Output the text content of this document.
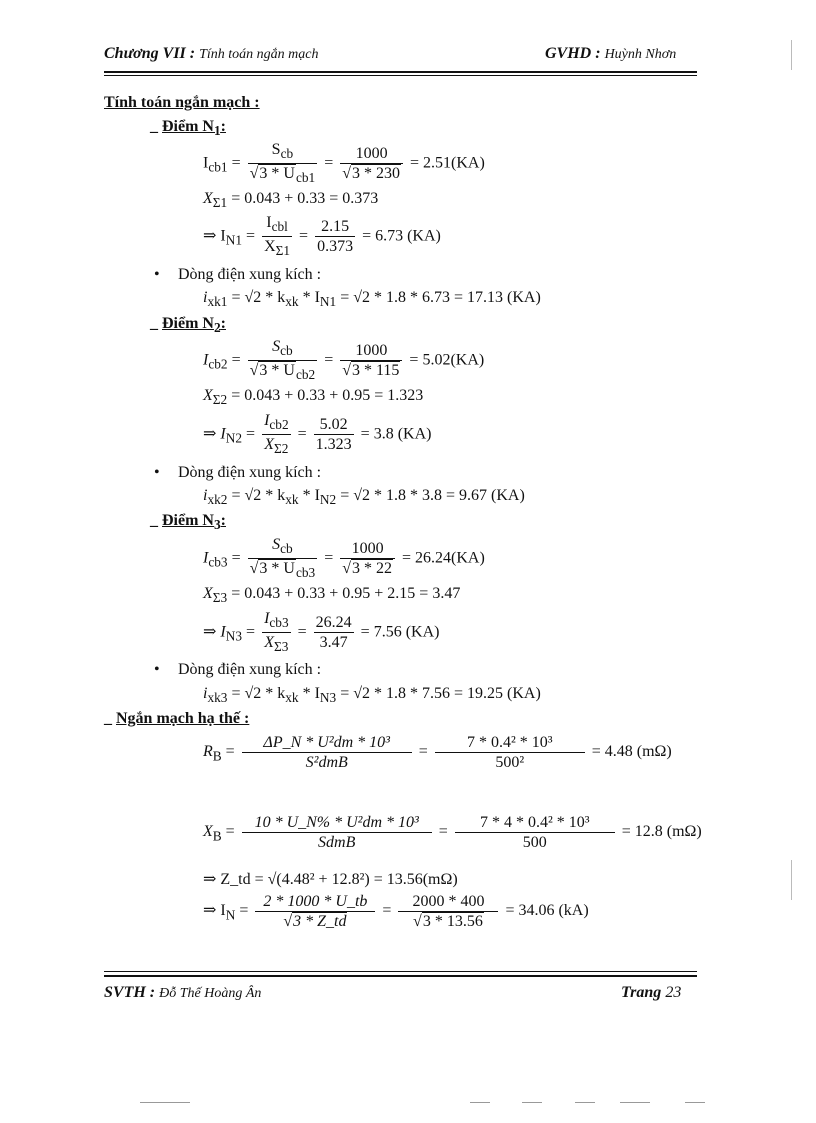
Chương VII : Tính toán ngắn mạch	GVHD : Huỳnh Nhơn
Tính toán ngắn mạch :
_ Điểm $N_1$:
$I_{cb1} = \frac{S_{cb}}{√3 * U_{cb1}} = \frac{1000}{√3 * 230} = 2.51(KA)$
$X_{\Sigma 1} = 0.043 + 0.33 = 0.373$
⇒ $I_{N1} = \frac{I_{cbl}}{X_{\Sigma 1}} = \frac{2.15}{0.373} = 6.73$ (KA)
• Dòng điện xung kích :
$i_{xk1} = √2 * k_{xk} * I_{N1} = √2 * 1.8 * 6.73 = 17.13$ (KA)
_ Điểm $N_2$:
$I_{cb2} = \frac{S_{cb}}{√3 * U_{cb2}} = \frac{1000}{√3 * 115} = 5.02(KA)$
$X_{\Sigma 2} = 0.043 + 0.33 + 0.95 = 1.323$
⇒ $I_{N2} = \frac{I_{cb2}}{X_{\Sigma 2}} = \frac{5.02}{1.323} = 3.8$ (KA)
• Dòng điện xung kích :
$i_{xk2} = √2 * k_{xk} * I_{N2} = √2 * 1.8 * 3.8 = 9.67$ (KA)
_ Điểm $N_3$:
$I_{cb3} = \frac{S_{cb}}{√3 * U_{cb3}} = \frac{1000}{√3 * 22} = 26.24(KA)$
$X_{\Sigma 3} = 0.043 + 0.33 + 0.95 + 2.15 = 3.47$
⇒ $I_{N3} = \frac{I_{cb3}}{X_{\Sigma 3}} = \frac{26.24}{3.47} = 7.56$ (KA)
• Dòng điện xung kích :
$i_{xk3} = √2 * k_{xk} * I_{N3} = √2 * 1.8 * 7.56 = 19.25$ (KA)
_ Ngắn mạch hạ thế :
$R_B = \frac{\text{ΔP\_N * U²dm * 10³}}{\text{S²dmB}} = \frac{\text{7 * 0.4² * 10³}}{\text{500²}} = 4.48$ (mΩ)
$X_B = \frac{\text{10 * U\_N\% * U²dm * 10³}}{\text{SdmB}} = \frac{\text{7 * 4 * 0.4² * 10³}}{500} = 12.8$ (mΩ)
⇒ Z_td = √(4.48² + 12.8²) = 13.56(mΩ)
⇒ $I_N = \frac{2 * 1000 * U\_tb}{√3 * Z\_td} = \frac{2000 * 400}{√3 * 13.56} = 34.06$ (kA)
SVTH : Đỗ Thế Hoàng Ân	Trang 23
